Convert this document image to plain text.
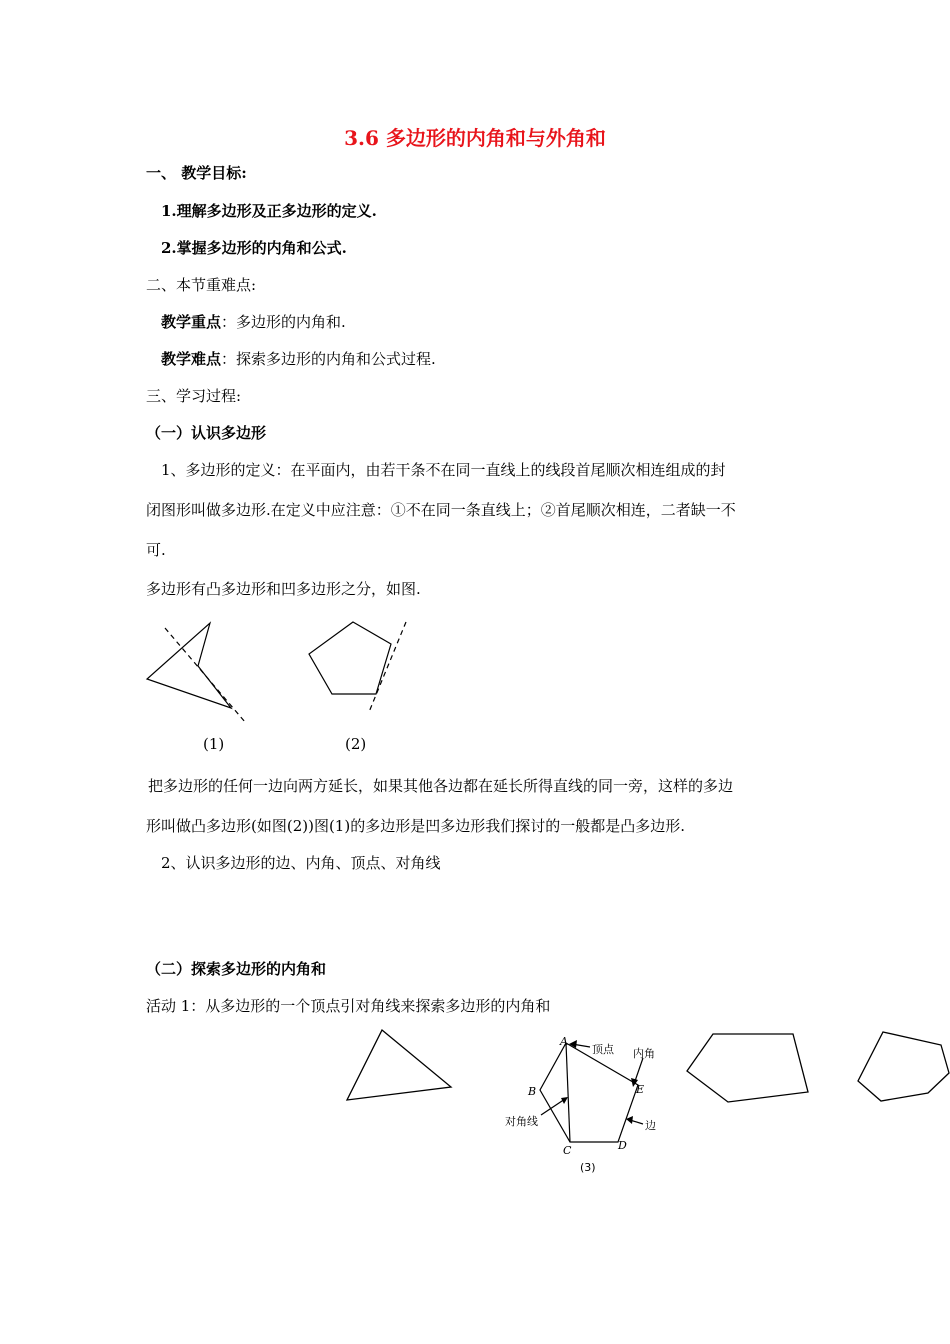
3.6 多边形的内角和与外角和
一、 教学目标:
1.理解多边形及正多边形的定义.
2.掌握多边形的内角和公式.
二、本节重难点:
教学重点：多边形的内角和.
教学难点：探索多边形的内角和公式过程.
三、学习过程:
（一）认识多边形
1、多边形的定义：在平面内，由若干条不在同一直线上的线段首尾顺次相连组成的封
闭图形叫做多边形.在定义中应注意：①不在同一条直线上；②首尾顺次相连，二者缺一不
可.
多边形有凸多边形和凹多边形之分，如图.
(1)	(2)
把多边形的任何一边向两方延长，如果其他各边都在延长所得直线的同一旁，这样的多边
形叫做凸多边形(如图(2))图(1)的多边形是凹多边形我们探讨的一般都是凸多边形.
2、认识多边形的边、内角、顶点、对角线
（二）探索多边形的内角和
活动 1：从多边形的一个顶点引对角线来探索多边形的内角和
顶点 内角
对角线	边
A
B
C	D
E
(3)
